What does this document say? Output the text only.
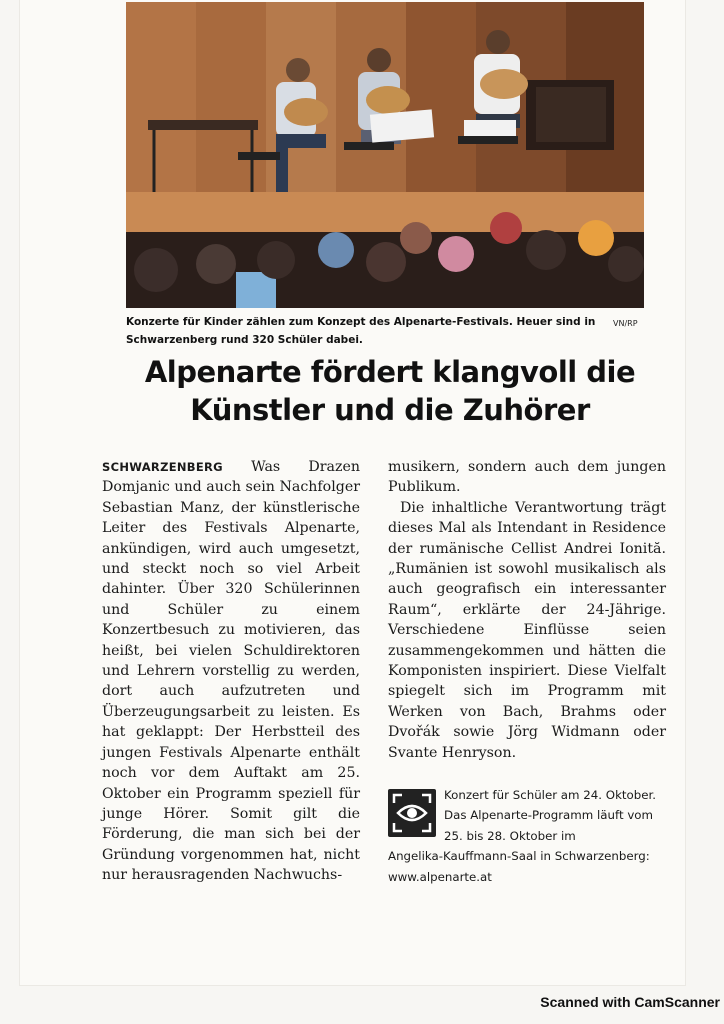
Konzerte für Kinder zählen zum Konzept des Alpenarte-Festivals. Heuer sind in
Schwarzenberg rund 320 Schüler dabei.
VN/RP
Alpenarte fördert klangvoll die
Künstler und die Zuhörer

SCHWARZENBERG Was Drazen Domjanic und auch sein Nachfolger Sebastian Manz, der künstlerische Leiter des Festivals Alpenarte, ankündigen, wird auch umgesetzt, und steckt noch so viel Arbeit dahinter. Über 320 Schülerinnen und Schüler zu einem Konzertbesuch zu motivieren, das heißt, bei vielen Schuldirektoren und Lehrern vorstellig zu werden, dort auch aufzutreten und Überzeugungsarbeit zu leisten. Es hat geklappt: Der Herbstteil des jungen Festivals Alpenarte enthält noch vor dem Auftakt am 25. Oktober ein Programm speziell für junge Hörer. Somit gilt die Förderung, die man sich bei der Gründung vorgenommen hat, nicht nur herausragenden Nachwuchs-

musikern, sondern auch dem jungen Publikum.

Die inhaltliche Verantwortung trägt dieses Mal als Intendant in Residence der rumänische Cellist Andrei Ionită. „Rumänien ist sowohl musikalisch als auch geografisch ein interessanter Raum“, erklärte der 24-Jährige. Verschiedene Einflüsse seien zusammengekommen und hätten die Komponisten inspiriert. Diese Vielfalt spiegelt sich im Programm mit Werken von Bach, Brahms oder Dvořák sowie Jörg Widmann oder Svante Henryson.

Konzert für Schüler am 24. Oktober. Das Alpenarte-Programm läuft vom 25. bis 28. Oktober im
Angelika-Kauffmann-Saal in Schwarzenberg: www.alpenarte.at
Scanned with CamScanner
